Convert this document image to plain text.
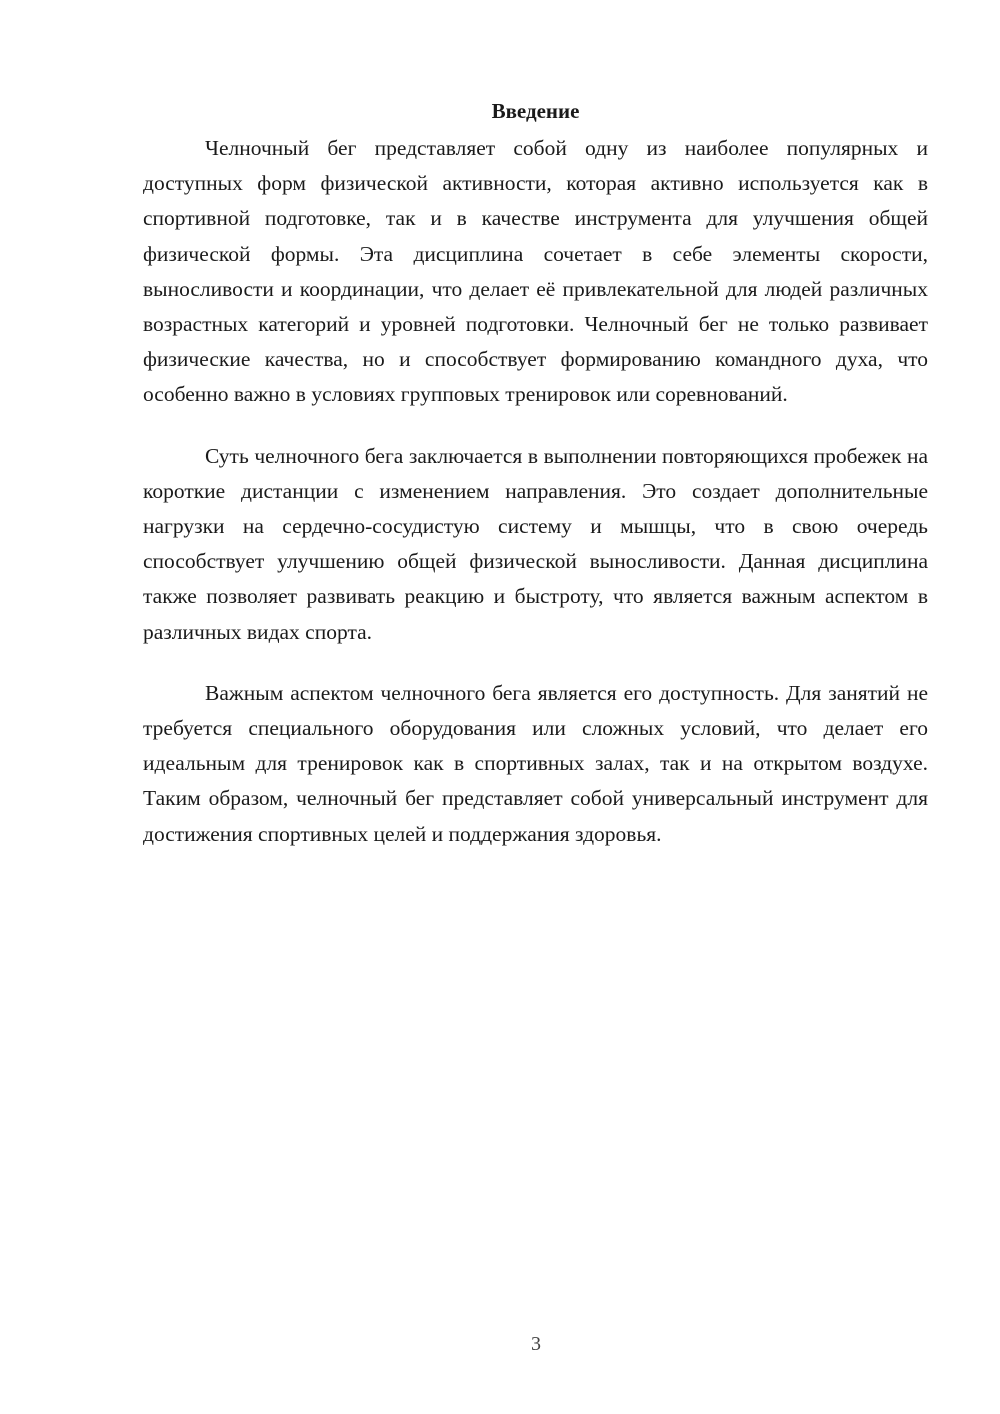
Введение

Челночный бег представляет собой одну из наиболее популярных и доступных форм физической активности, которая активно используется как в спортивной подготовке, так и в качестве инструмента для улучшения общей физической формы. Эта дисциплина сочетает в себе элементы скорости, выносливости и координации, что делает её привлекательной для людей различных возрастных категорий и уровней подготовки. Челночный бег не только развивает физические качества, но и способствует формированию командного духа, что особенно важно в условиях групповых тренировок или соревнований.

Суть челночного бега заключается в выполнении повторяющихся пробежек на короткие дистанции с изменением направления. Это создает дополнительные нагрузки на сердечно-сосудистую систему и мышцы, что в свою очередь способствует улучшению общей физической выносливости. Данная дисциплина также позволяет развивать реакцию и быстроту, что является важным аспектом в различных видах спорта.

Важным аспектом челночного бега является его доступность. Для занятий не требуется специального оборудования или сложных условий, что делает его идеальным для тренировок как в спортивных залах, так и на открытом воздухе. Таким образом, челночный бег представляет собой универсальный инструмент для достижения спортивных целей и поддержания здоровья.

3
